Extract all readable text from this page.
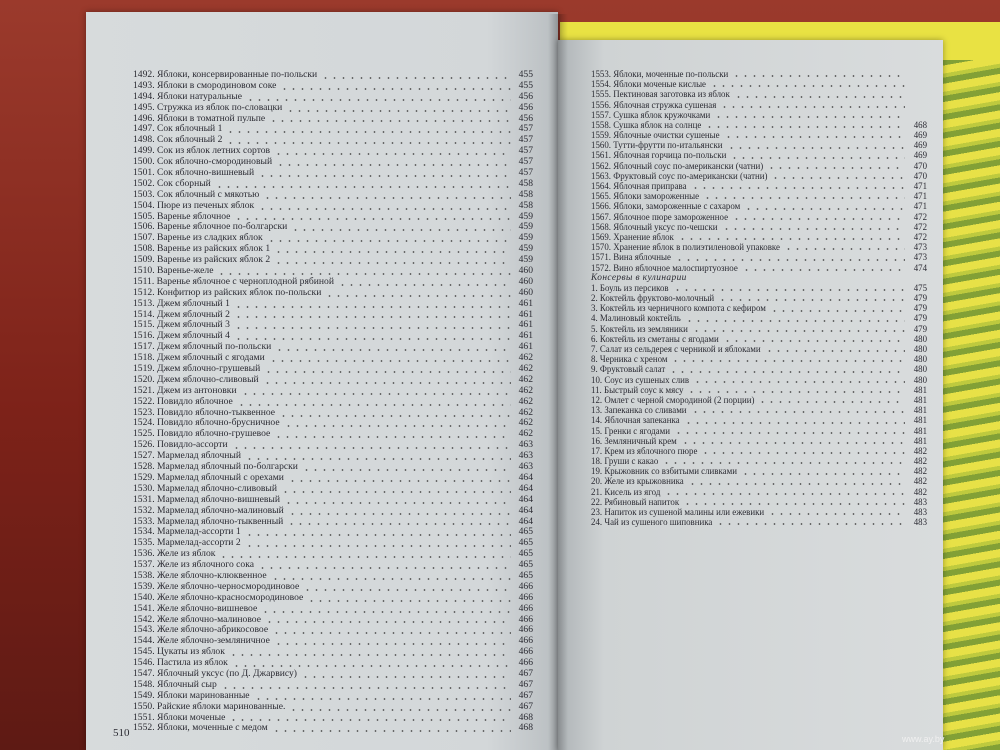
1492. Яблоки, консервированные по-польски	455
1493. Яблоки в смородиновом соке	455
1494. Яблоки натуральные	456
1495. Стружка из яблок по-словацки	456
1496. Яблоки в томатной пульпе	456
1497. Сок яблочный 1	457
1498. Сок яблочный 2	457
1499. Сок из яблок летних сортов	457
1500. Сок яблочно-смородиновый	457
1501. Сок яблочно-вишневый	457
1502. Сок сборный	458
1503. Сок яблочный с мякотью	458
1504. Пюре из печеных яблок	458
1505. Варенье яблочное	459
1506. Варенье яблочное по-болгарски	459
1507. Варенье из сладких яблок	459
1508. Варенье из райских яблок 1	459
1509. Варенье из райских яблок 2	459
1510. Варенье-желе	460
1511. Варенье яблочное с черноплодной рябиной	460
1512. Конфитюр из райских яблок по-польски	460
1513. Джем яблочный 1	461
1514. Джем яблочный 2	461
1515. Джем яблочный 3	461
1516. Джем яблочный 4	461
1517. Джем яблочный по-польски	461
1518. Джем яблочный с ягодами	462
1519. Джем яблочно-грушевый	462
1520. Джем яблочно-сливовый	462
1521. Джем из антоновки	462
1522. Повидло яблочное	462
1523. Повидло яблочно-тыквенное	462
1524. Повидло яблочно-брусничное	462
1525. Повидло яблочно-грушевое	462
1526. Повидло-ассорти	463
1527. Мармелад яблочный	463
1528. Мармелад яблочный по-болгарски	463
1529. Мармелад яблочный с орехами	464
1530. Мармелад яблочно-сливовый	464
1531. Мармелад яблочно-вишневый	464
1532. Мармелад яблочно-малиновый	464
1533. Мармелад яблочно-тыквенный	464
1534. Мармелад-ассорти 1	465
1535. Мармелад-ассорти 2	465
1536. Желе из яблок	465
1537. Желе из яблочного сока	465
1538. Желе яблочно-клюквенное	465
1539. Желе яблочно-черносмородиновое	466
1540. Желе яблочно-красносмородиновое	466
1541. Желе яблочно-вишневое	466
1542. Желе яблочно-малиновое	466
1543. Желе яблочно-абрикосовое	466
1544. Желе яблочно-земляничное	466
1545. Цукаты из яблок	466
1546. Пастила из яблок	466
1547. Яблочный уксус (по Д. Джарвису)	467
1548. Яблочный сыр	467
1549. Яблоки маринованные	467
1550. Райские яблоки маринованные.	467
1551. Яблоки моченые	468
1552. Яблоки, моченные с медом	468
1553. Яблоки, моченные по-польски
1554. Яблоки моченые кислые
1555. Пектиновая заготовка из яблок
1556. Яблочная стружка сушеная
1557. Сушка яблок кружочками
1558. Сушка яблок на солнце	468
1559. Яблочные очистки сушеные	469
1560. Тутти-фрутти по-итальянски	469
1561. Яблочная горчица по-польски	469
1562. Яблочный соус по-американски (чатни)	470
1563. Фруктовый соус по-американски (чатни)	470
1564. Яблочная приправа	471
1565. Яблоки замороженные	471
1566. Яблоки, замороженные с сахаром	471
1567. Яблочное пюре замороженное	472
1568. Яблочный уксус по-чешски	472
1569. Хранение яблок	472
1570. Хранение яблок в полиэтиленовой упаковке	473
1571. Вина яблочные	473
1572. Вино яблочное малоспиртуозное	474
Консервы в кулинарии
1. Боуль из персиков	475
2. Коктейль фруктово-молочный	479
3. Коктейль из черничного компота с кефиром	479
4. Малиновый коктейль	479
5. Коктейль из земляники	479
6. Коктейль из сметаны с ягодами	480
7. Салат из сельдерея с черникой и яблоками	480
8. Черника с хреном	480
9. Фруктовый салат	480
10. Соус из сушеных слив	480
11. Быстрый соус к мясу	481
12. Омлет с черной смородиной (2 порции)	481
13. Запеканка со сливами	481
14. Яблочная запеканка	481
15. Гренки с ягодами	481
16. Земляничный крем	481
17. Крем из яблочного пюре	482
18. Груши с какао	482
19. Крыжовник со взбитыми сливками	482
20. Желе из крыжовника	482
21. Кисель из ягод	482
22. Рябиновый напиток	483
23. Напиток из сушеной малины или ежевики	483
24. Чай из сушеного шиповника	483
510	www.ay.by
